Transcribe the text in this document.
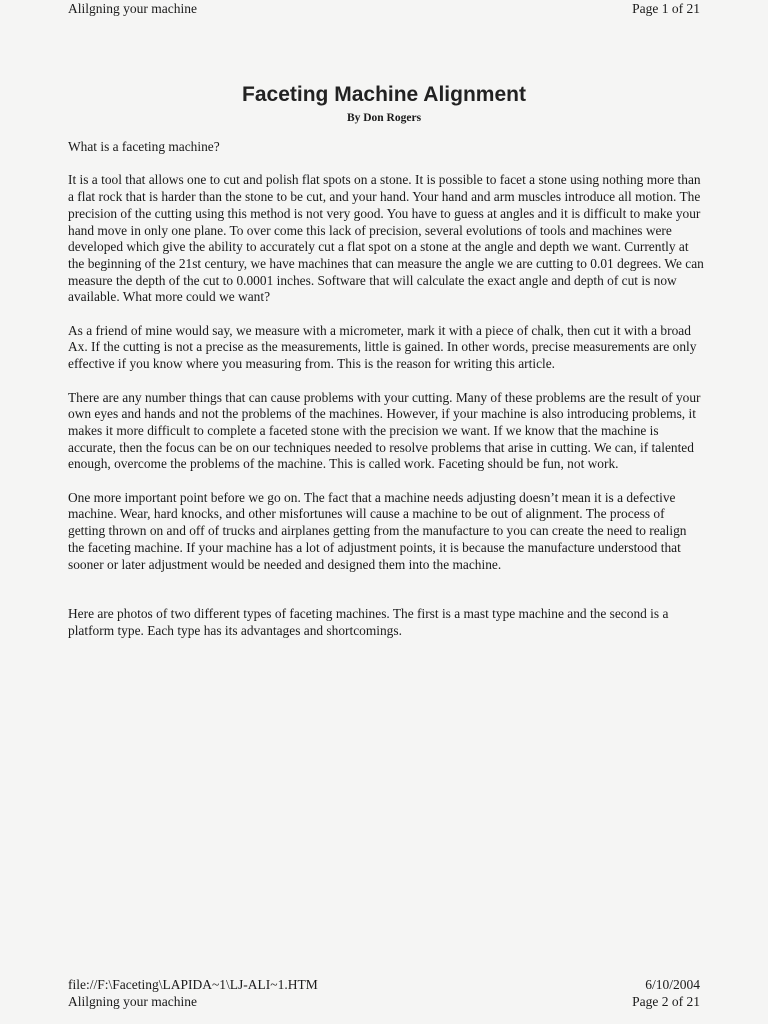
Alilgning your machine	Page 1 of 21
Faceting Machine Alignment
By Don Rogers

What is a faceting machine?

It is a tool that allows one to cut and polish flat spots on a stone. It is possible to facet a stone using nothing more than a flat rock that is harder than the stone to be cut, and your hand. Your hand and arm muscles introduce all motion. The precision of the cutting using this method is not very good. You have to guess at angles and it is difficult to make your hand move in only one plane. To over come this lack of precision, several evolutions of tools and machines were developed which give the ability to accurately cut a flat spot on a stone at the angle and depth we want. Currently at the beginning of the 21st century, we have machines that can measure the angle we are cutting to 0.01 degrees. We can measure the depth of the cut to 0.0001 inches. Software that will calculate the exact angle and depth of cut is now available. What more could we want?

As a friend of mine would say, we measure with a micrometer, mark it with a piece of chalk, then cut it with a broad Ax. If the cutting is not a precise as the measurements, little is gained. In other words, precise measurements are only effective if you know where you measuring from. This is the reason for writing this article.

There are any number things that can cause problems with your cutting. Many of these problems are the result of your own eyes and hands and not the problems of the machines. However, if your machine is also introducing problems, it makes it more difficult to complete a faceted stone with the precision we want. If we know that the machine is accurate, then the focus can be on our techniques needed to resolve problems that arise in cutting. We can, if talented enough, overcome the problems of the machine. This is called work. Faceting should be fun, not work.

One more important point before we go on. The fact that a machine needs adjusting doesn’t mean it is a defective machine. Wear, hard knocks, and other misfortunes will cause a machine to be out of alignment. The process of getting thrown on and off of trucks and airplanes getting from the manufacture to you can create the need to realign the faceting machine. If your machine has a lot of adjustment points, it is because the manufacture understood that sooner or later adjustment would be needed and designed them into the machine.

Here are photos of two different types of faceting machines. The first is a mast type machine and the second is a platform type. Each type has its advantages and shortcomings.

file://F:\Faceting\LAPIDA~1\LJ-ALI~1.HTM	6/10/2004
Alilgning your machine	Page 2 of 21
